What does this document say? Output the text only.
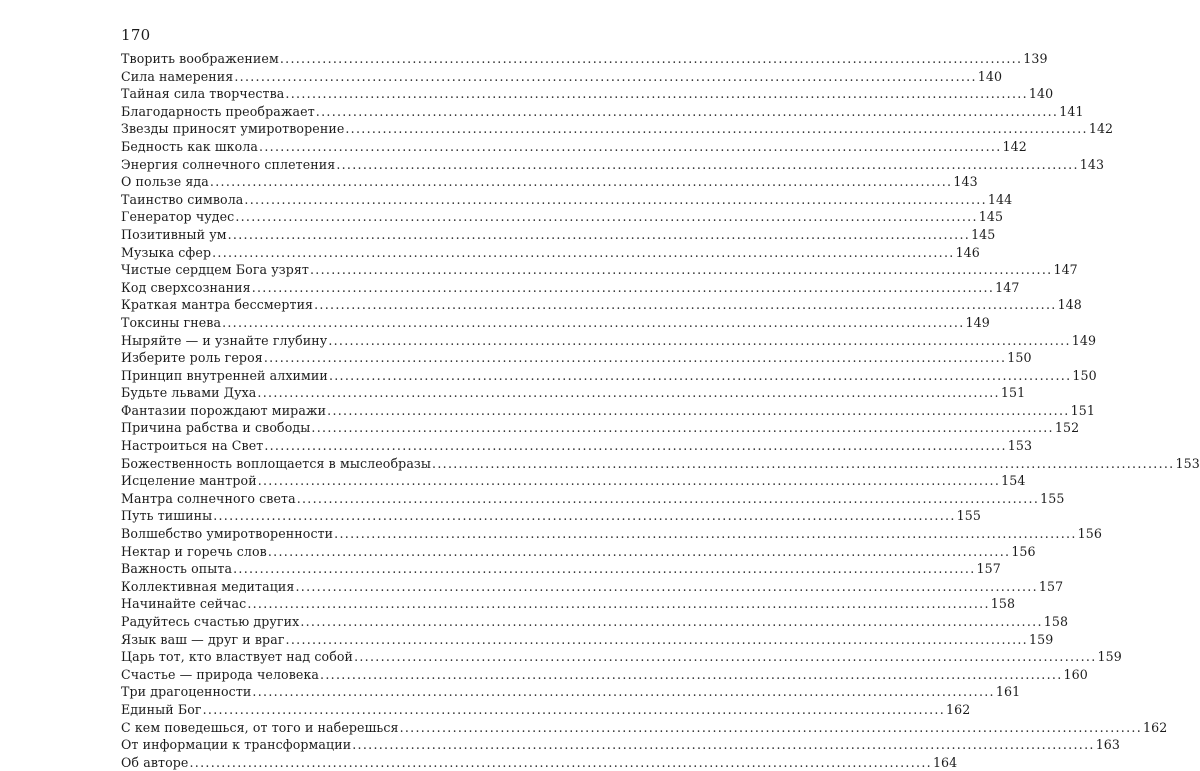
170
Творить воображением ............................................................................................................................................ 139
Сила намерения ............................................................................................................................................ 140
Тайная сила творчества ............................................................................................................................................ 140
Благодарность преображает ............................................................................................................................................ 141
Звезды приносят умиротворение ............................................................................................................................................ 142
Бедность как школа ............................................................................................................................................ 142
Энергия солнечного сплетения ............................................................................................................................................ 143
О пользе яда ............................................................................................................................................ 143
Таинство символа ............................................................................................................................................ 144
Генератор чудес ............................................................................................................................................ 145
Позитивный ум ............................................................................................................................................ 145
Музыка сфер ............................................................................................................................................ 146
Чистые сердцем Бога узрят ............................................................................................................................................ 147
Код сверхсознания ............................................................................................................................................ 147
Краткая мантра бессмертия ............................................................................................................................................ 148
Токсины гнева ............................................................................................................................................ 149
Ныряйте — и узнайте глубину ............................................................................................................................................ 149
Изберите роль героя ............................................................................................................................................ 150
Принцип внутренней алхимии ............................................................................................................................................ 150
Будьте львами Духа ............................................................................................................................................ 151
Фантазии порождают миражи ............................................................................................................................................ 151
Причина рабства и свободы ............................................................................................................................................ 152
Настроиться на Свет ............................................................................................................................................ 153
Божественность воплощается в мыслеобразы ............................................................................................................................................ 153
Исцеление мантрой ............................................................................................................................................ 154
Мантра солнечного света ............................................................................................................................................ 155
Путь тишины ............................................................................................................................................ 155
Волшебство умиротворенности ............................................................................................................................................ 156
Нектар и горечь слов ............................................................................................................................................ 156
Важность опыта ............................................................................................................................................ 157
Коллективная медитация ............................................................................................................................................ 157
Начинайте сейчас ............................................................................................................................................ 158
Радуйтесь счастью других ............................................................................................................................................ 158
Язык ваш — друг и враг ............................................................................................................................................ 159
Царь тот, кто властвует над собой ............................................................................................................................................ 159
Счастье — природа человека ............................................................................................................................................ 160
Три драгоценности ............................................................................................................................................ 161
Единый Бог ............................................................................................................................................ 162
С кем поведешься, от того и наберешься ............................................................................................................................................ 162
От информации к трансформации ............................................................................................................................................ 163
Об авторе ............................................................................................................................................ 164
